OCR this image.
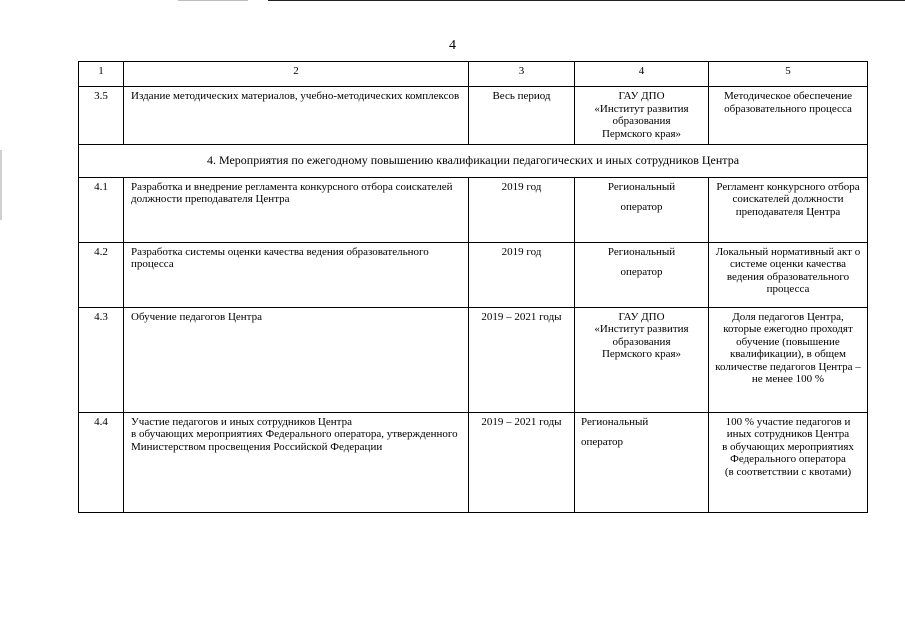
4
1	2	3	4	5
3.5	Издание методических материалов, учебно-методических комплексов	Весь период	ГАУ ДПО
«Институт развития образования
Пермского края»	Методическое обеспечение образовательного процесса
4. Мероприятия по ежегодному повышению квалификации педагогических и иных сотрудников Центра				
4.1	Разработка и внедрение регламента конкурсного отбора соискателей должности преподавателя Центра	2019 год	Региональный
оператор	Регламент конкурсного отбора соискателей должности преподавателя Центра
4.2	Разработка системы оценки качества ведения образовательного процесса	2019 год	Региональный
оператор	Локальный нормативный акт о системе оценки качества ведения образовательного процесса
4.3	Обучение педагогов Центра	2019 – 2021 годы	ГАУ ДПО
«Институт развития образования
Пермского края»	Доля педагогов Центра, которые ежегодно проходят обучение (повышение квалификации), в общем количестве педагогов Центра – не менее 100 %
4.4	Участие педагогов и иных сотрудников Центра
в обучающих мероприятиях Федерального оператора, утвержденного Министерством просвещения Российской Федерации	2019 – 2021 годы	Региональный
оператор	100 % участие педагогов и иных сотрудников Центра
в обучающих мероприятиях Федерального оператора
(в соответствии с квотами)
